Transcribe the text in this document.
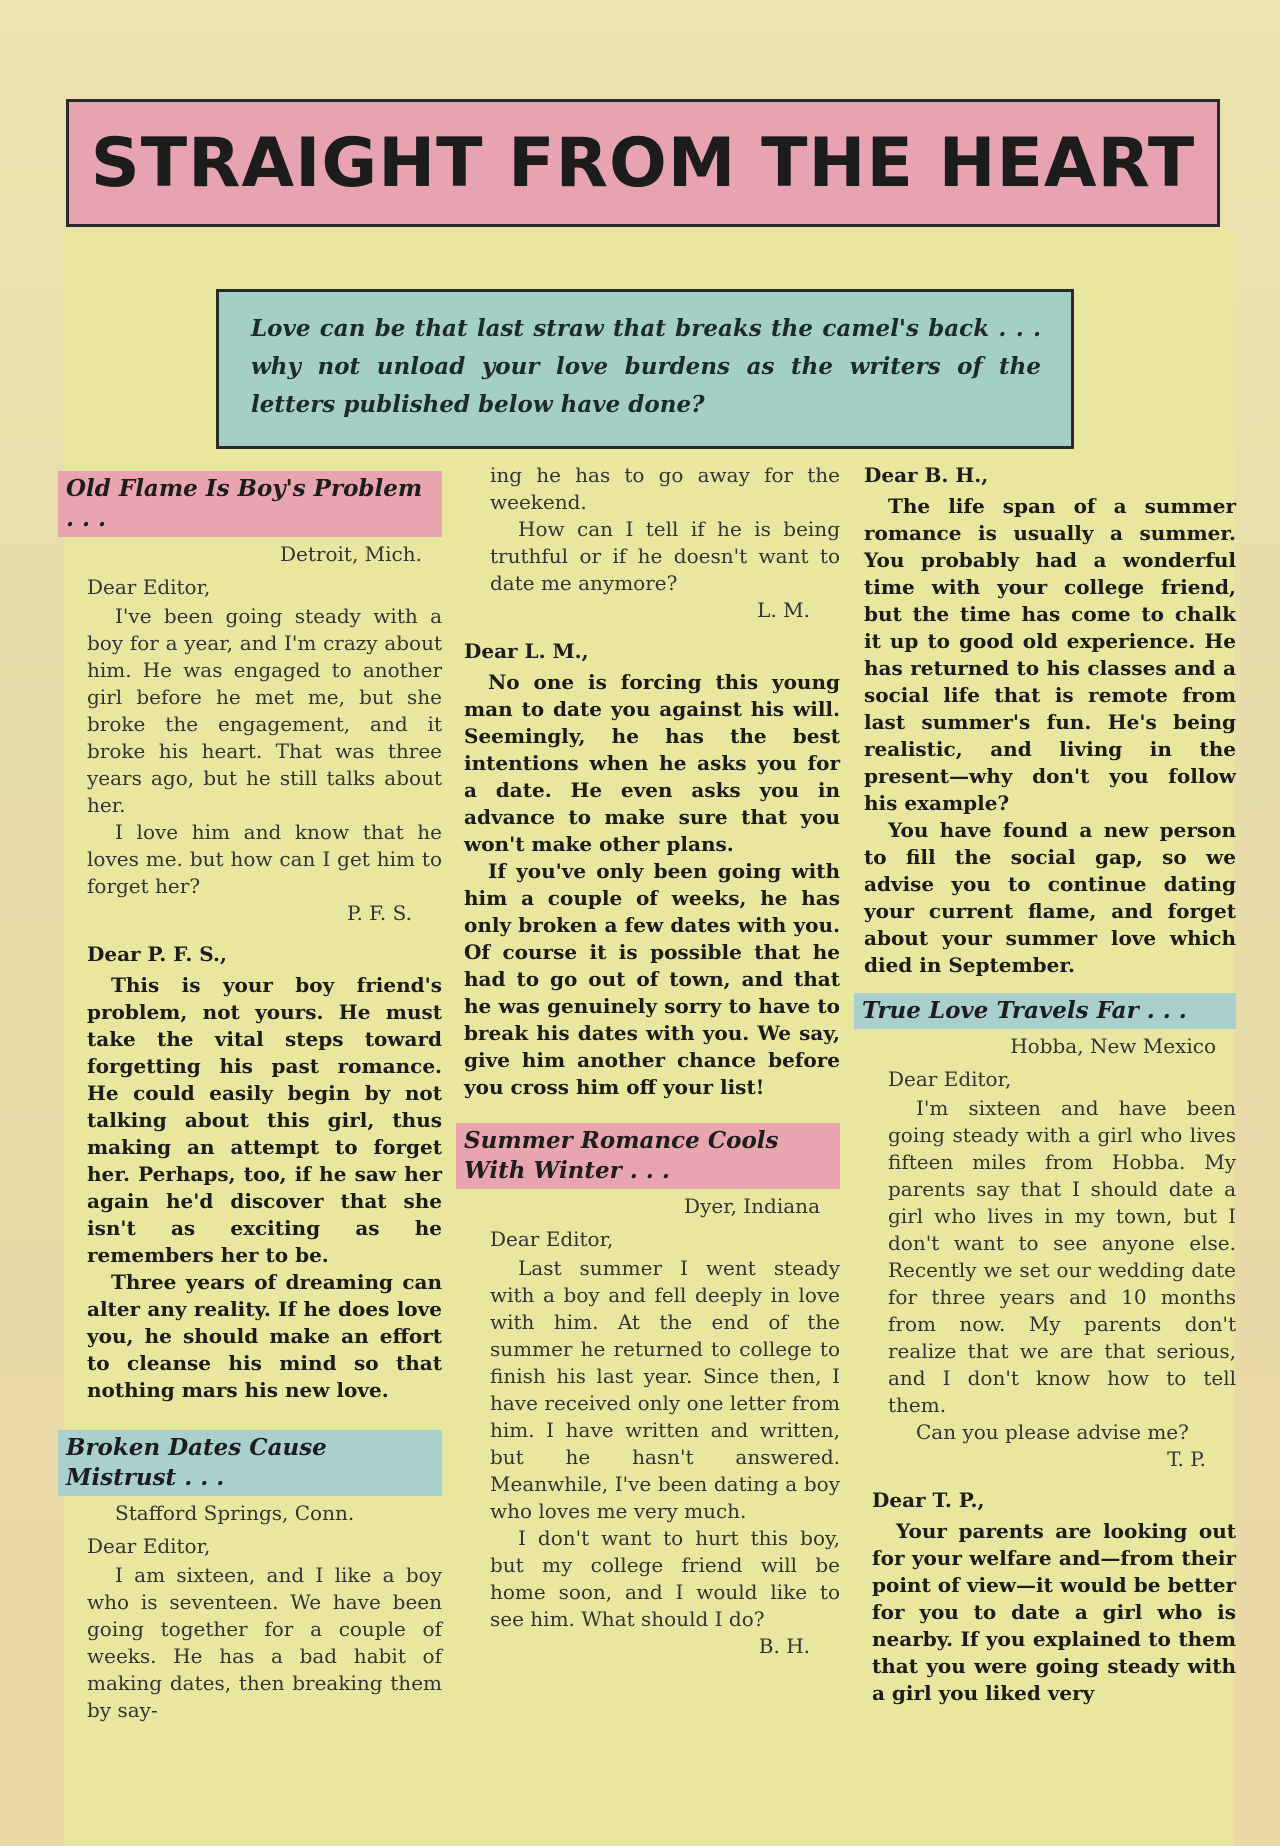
STRAIGHT FROM THE HEART

Love can be that last straw that breaks the camel's back . . . why not unload your love burdens as the writers of the letters published below have done?

Old Flame Is Boy's Problem . . .

Detroit, Mich.

Dear Editor,

I've been going steady with a boy for a year, and I'm crazy about him. He was engaged to another girl before he met me, but she broke the engagement, and it broke his heart. That was three years ago, but he still talks about her.

I love him and know that he loves me. but how can I get him to forget her?

P. F. S.

Dear P. F. S.,

This is your boy friend's problem, not yours. He must take the vital steps toward forgetting his past romance. He could easily begin by not talking about this girl, thus making an attempt to forget her. Perhaps, too, if he saw her again he'd discover that she isn't as exciting as he remembers her to be.

Three years of dreaming can alter any reality. If he does love you, he should make an effort to cleanse his mind so that nothing mars his new love.

Broken Dates Cause Mistrust . . .

Stafford Springs, Conn.

Dear Editor,

I am sixteen, and I like a boy who is seventeen. We have been going together for a couple of weeks. He has a bad habit of making dates, then breaking them by say-

ing he has to go away for the weekend.

How can I tell if he is being truthful or if he doesn't want to date me anymore?

L. M.

Dear L. M.,

No one is forcing this young man to date you against his will. Seemingly, he has the best intentions when he asks you for a date. He even asks you in advance to make sure that you won't make other plans.

If you've only been going with him a couple of weeks, he has only broken a few dates with you. Of course it is possible that he had to go out of town, and that he was genuinely sorry to have to break his dates with you. We say, give him another chance before you cross him off your list!

Summer Romance Cools With Winter . . .

Dyer, Indiana

Dear Editor,

Last summer I went steady with a boy and fell deeply in love with him. At the end of the summer he returned to college to finish his last year. Since then, I have received only one letter from him. I have written and written, but he hasn't answered. Meanwhile, I've been dating a boy who loves me very much.

I don't want to hurt this boy, but my college friend will be home soon, and I would like to see him. What should I do?

B. H.

Dear B. H.,

The life span of a summer romance is usually a summer. You probably had a wonderful time with your college friend, but the time has come to chalk it up to good old experience. He has returned to his classes and a social life that is remote from last summer's fun. He's being realistic, and living in the present—why don't you follow his example?

You have found a new person to fill the social gap, so we advise you to continue dating your current flame, and forget about your summer love which died in September.

True Love Travels Far . . .

Hobba, New Mexico

Dear Editor,

I'm sixteen and have been going steady with a girl who lives fifteen miles from Hobba. My parents say that I should date a girl who lives in my town, but I don't want to see anyone else. Recently we set our wedding date for three years and 10 months from now. My parents don't realize that we are that serious, and I don't know how to tell them.

Can you please advise me?

T. P.

Dear T. P.,

Your parents are looking out for your welfare and—from their point of view—it would be better for you to date a girl who is nearby. If you explained to them that you were going steady with a girl you liked very
